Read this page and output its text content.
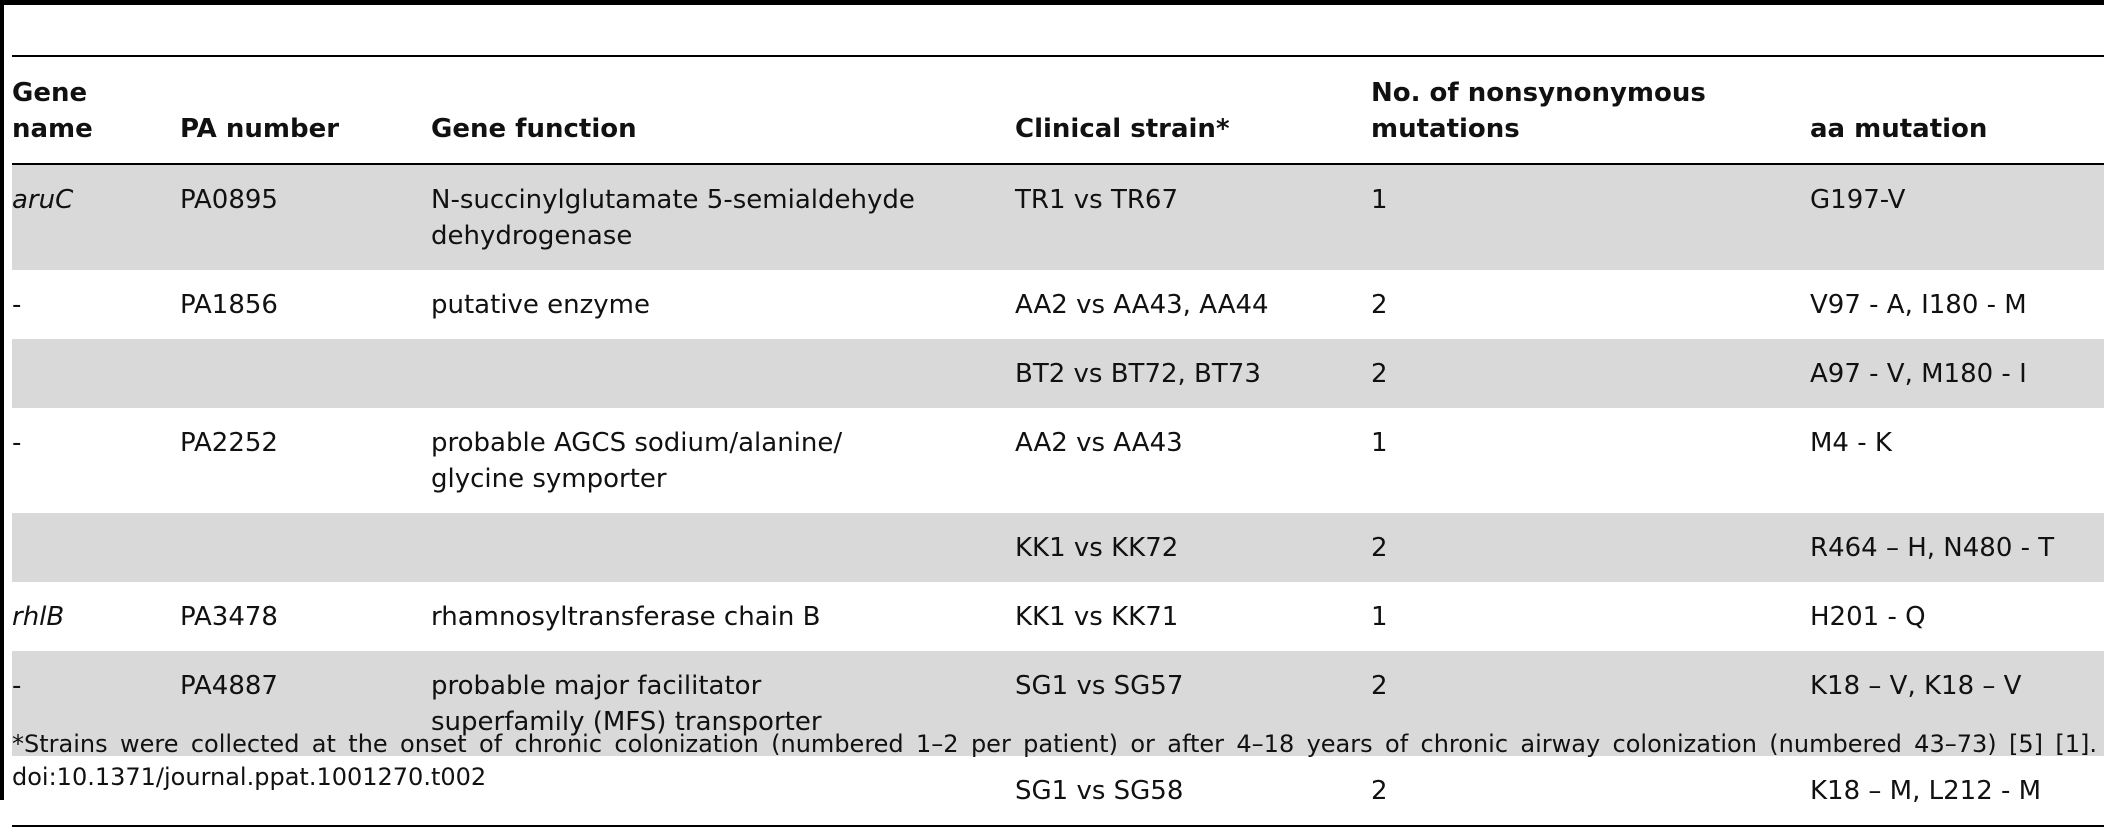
Gene name	PA number	Gene function	Clinical strain*	No. of nonsynonymous mutations	aa mutation
aruC	PA0895	N-succinylglutamate 5-semialdehyde dehydrogenase	TR1 vs TR67	1	G197-V
-	PA1856	putative enzyme	AA2 vs AA43, AA44	2	V97 - A, I180 - M
			BT2 vs BT72, BT73	2	A97 - V, M180 - I
-	PA2252	probable AGCS sodium/alanine/ glycine symporter	AA2 vs AA43	1	M4 - K
			KK1 vs KK72	2	R464 – H, N480 - T
rhlB	PA3478	rhamnosyltransferase chain B	KK1 vs KK71	1	H201 - Q
-	PA4887	probable major facilitator superfamily (MFS) transporter	SG1 vs SG57	2	K18 – V, K18 – V
			SG1 vs SG58	2	K18 – M, L212 - M
*Strains were collected at the onset of chronic colonization (numbered 1–2 per patient) or after 4–18 years of chronic airway colonization (numbered 43–73) [5] [1].
doi:10.1371/journal.ppat.1001270.t002
